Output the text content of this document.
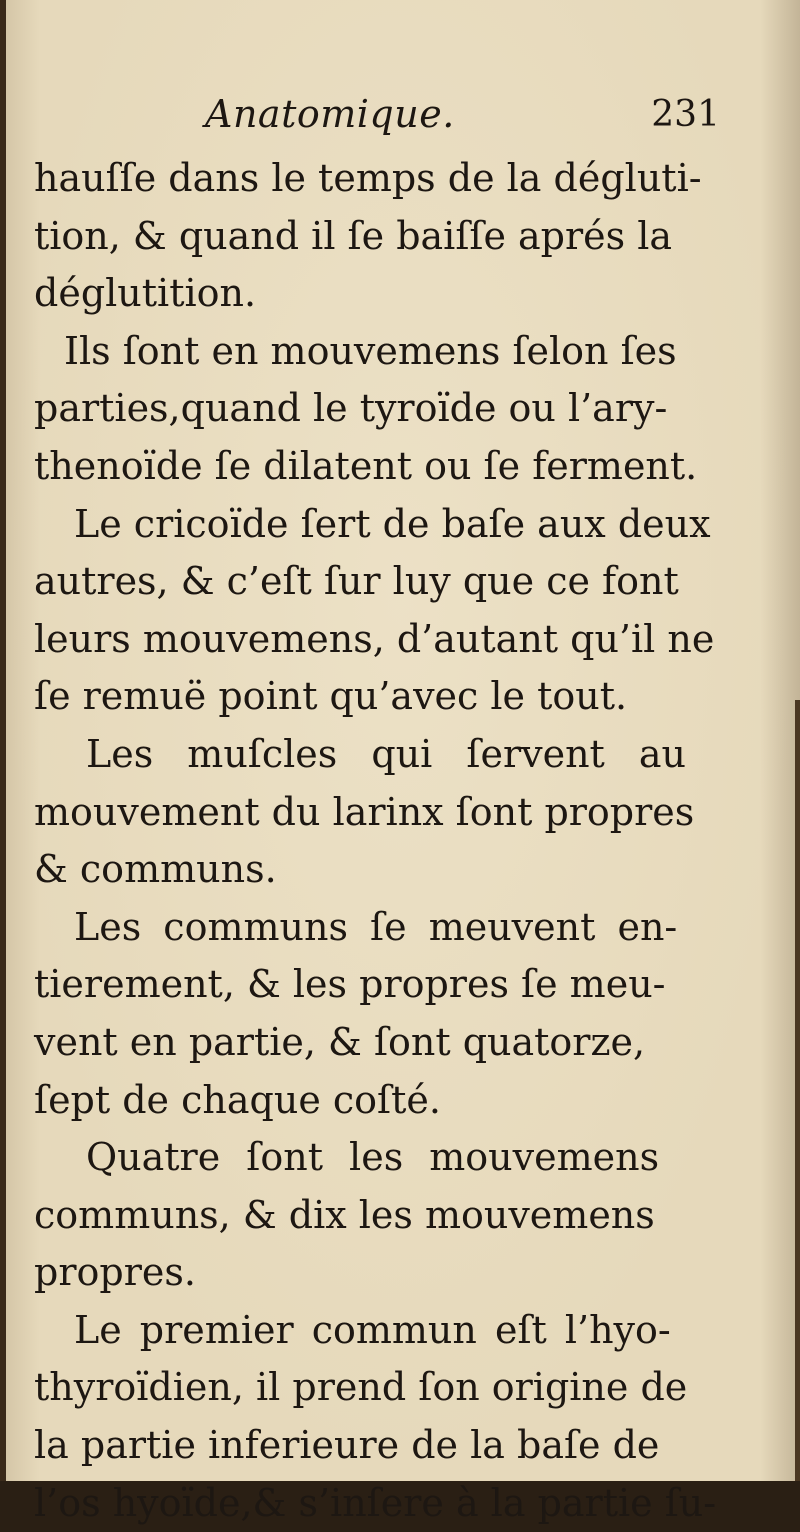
Anatomique.	231
hauſſe dans le temps de la dégluti-
tion, & quand il ſe baiſſe aprés la
déglutition.
Ils ſont en mouvemens ſelon ſes
parties,quand le tyroïde ou l’ary-
thenoïde ſe dilatent ou ſe ferment.
Le cricoïde ſert de baſe aux deux
autres, & c’eſt ſur luy que ce font
leurs mouvemens, d’autant qu’il ne
ſe remuë point qu’avec le tout.
Les muſcles qui ſervent au
mouvement du larinx ſont propres
& communs.
Les communs ſe meuvent en-
tierement, & les propres ſe meu-
vent en partie, & ſont quatorze,
ſept de chaque coſté.
Quatre ſont les mouvemens
communs, & dix les mouvemens
propres.
Le premier commun eſt l’hyo-
thyroïdien, il prend ſon origine de
la partie inferieure de la baſe de
l’os hyoïde,& s’inſere à la partie ſu-
